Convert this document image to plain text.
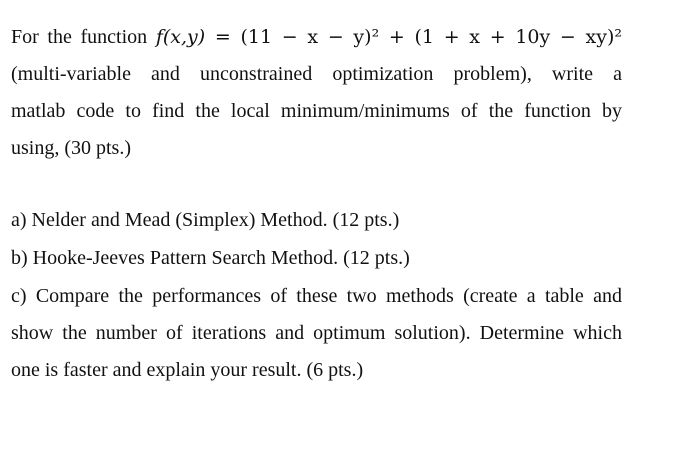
For the function f(x,y) = (11 − x − y)² + (1 + x + 10y − xy)²
(multi-variable and unconstrained optimization problem), write a
matlab code to find the local minimum/minimums of the function by
using, (30 pts.)
a) Nelder and Mead (Simplex) Method. (12 pts.)
b) Hooke-Jeeves Pattern Search Method. (12 pts.)
c) Compare the performances of these two methods (create a table and
show the number of iterations and optimum solution). Determine which
one is faster and explain your result. (6 pts.)
